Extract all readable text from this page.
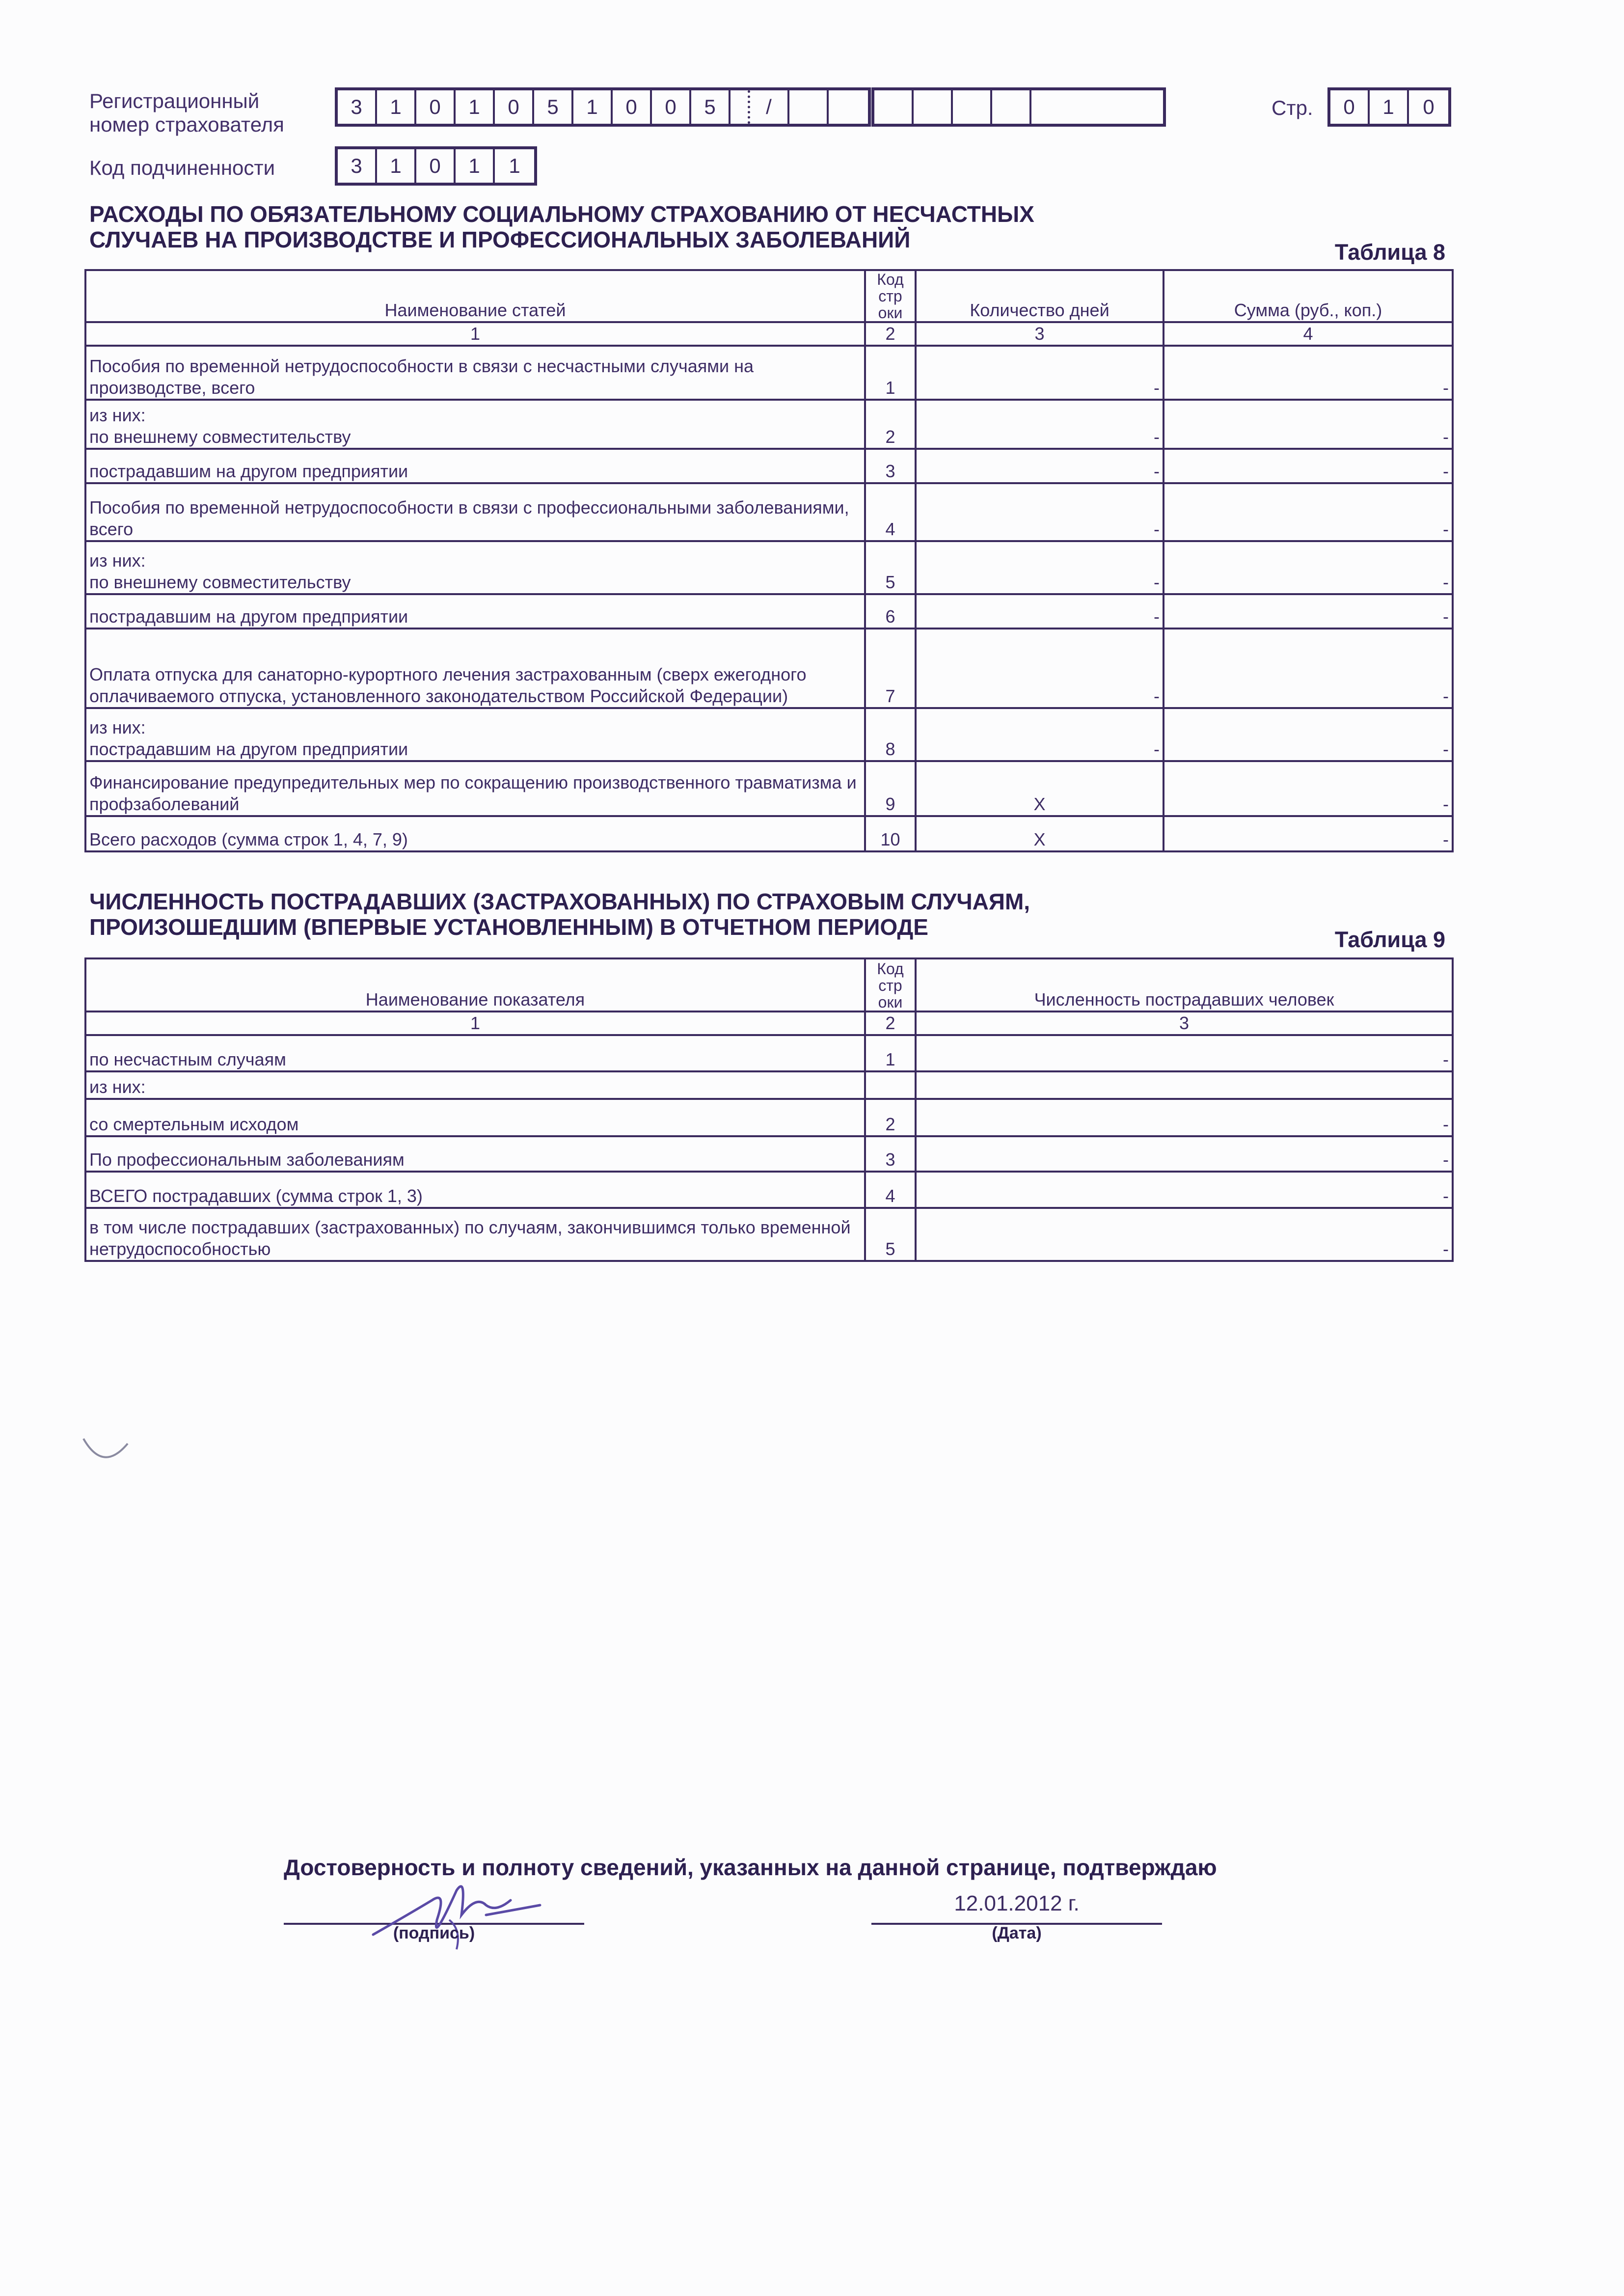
Регистрационный
номер страхователя
3	1	0	1	0	5	1	0	0	5	/	Стр.	0	1	0
Код подчиненности	3	1	0	1	1
РАСХОДЫ ПО ОБЯЗАТЕЛЬНОМУ СОЦИАЛЬНОМУ СТРАХОВАНИЮ ОТ НЕСЧАСТНЫХ
СЛУЧАЕВ НА ПРОИЗВОДСТВЕ И ПРОФЕССИОНАЛЬНЫХ ЗАБОЛЕВАНИЙ	Таблица 8
Наименование статей	Код стр оки	Количество дней	Сумма (руб., коп.)
1	2	3	4
Пособия по временной нетрудоспособности в связи с несчастными случаями на производстве, всего	1	-	-

из них:
по внешнему совместительству	2	-	-
пострадавшим на другом предприятии	3	-	-
Пособия по временной нетрудоспособности в связи с профессиональными заболеваниями, всего	4	-	-

из них:
по внешнему совместительству	5	-	-
пострадавшим на другом предприятии	6	-	-
Оплата отпуска для санаторно-курортного лечения застрахованным (сверх ежегодного оплачиваемого отпуска, установленного законодательством Российской Федерации)	7	-	-

из них:
пострадавшим на другом предприятии	8	-	-
Финансирование предупредительных мер по сокращению производственного травматизма и профзаболеваний	9	X	-
Всего расходов (сумма строк 1, 4, 7, 9)	10	X	-
ЧИСЛЕННОСТЬ ПОСТРАДАВШИХ (ЗАСТРАХОВАННЫХ) ПО СТРАХОВЫМ СЛУЧАЯМ,
ПРОИЗОШЕДШИМ (ВПЕРВЫЕ УСТАНОВЛЕННЫМ) В ОТЧЕТНОМ ПЕРИОДЕ	Таблица 9
Наименование показателя	Код стр оки	Численность пострадавших человек
1	2	3
по несчастным случаям	1	-
из них:		
со смертельным исходом	2	-
По профессиональным заболеваниям	3	-
ВСЕГО пострадавших (сумма строк 1, 3)	4	-
в том числе пострадавших (застрахованных) по случаям, закончившимся только временной нетрудоспособностью	5	-
Достоверность и полноту сведений, указанных на данной странице, подтверждаю
(подпись)
12.01.2012 г.
(Дата)
